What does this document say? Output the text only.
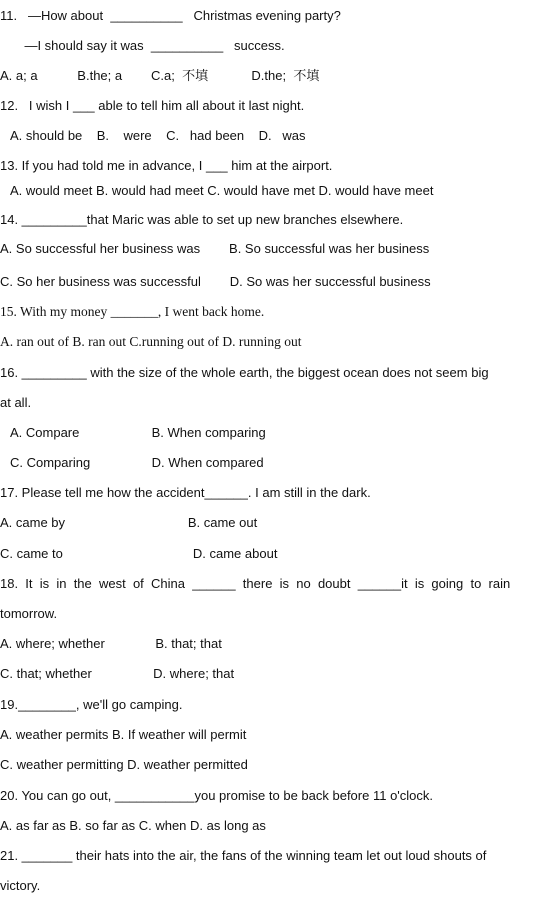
11.   —How about  __________   Christmas evening party?
—I should say it was  __________   success.
A. a; a           B.the; a        C.a;  不填            D.the;  不填
12.   I wish I ___ able to tell him all about it last night.
A. should be    B.    were    C.   had been    D.   was
13. If you had told me in advance, I ___ him at the airport.
A. would meet B. would had meet C. would have met D. would have meet
14. _________that Maric was able to set up new branches elsewhere.
A. So successful her business was        B. So successful was her business
C. So her business was successful        D. So was her successful business
15. With my money _______, I went back home.
A. ran out of B. ran out C.running out of D. running out
16. _________ with the size of the whole earth, the biggest ocean does not seem big
at all.
A. Compare                    B. When comparing
C. Comparing                 D. When compared
17. Please tell me how the accident______. I am still in the dark.
A. came by                                  B. came out
C. came to                                    D. came about
18.  It  is  in  the  west  of  China  ______  there  is  no  doubt  ______it  is  going  to  rain
tomorrow.
A. where; whether              B. that; that
C. that; whether                 D. where; that
19.________, we'll go camping.
A. weather permits B. If weather will permit
C. weather permitting D. weather permitted
20. You can go out, ___________you promise to be back before 11 o'clock.
A. as far as B. so far as C. when D. as long as
21. _______ their hats into the air, the fans of the winning team let out loud shouts of
victory.
